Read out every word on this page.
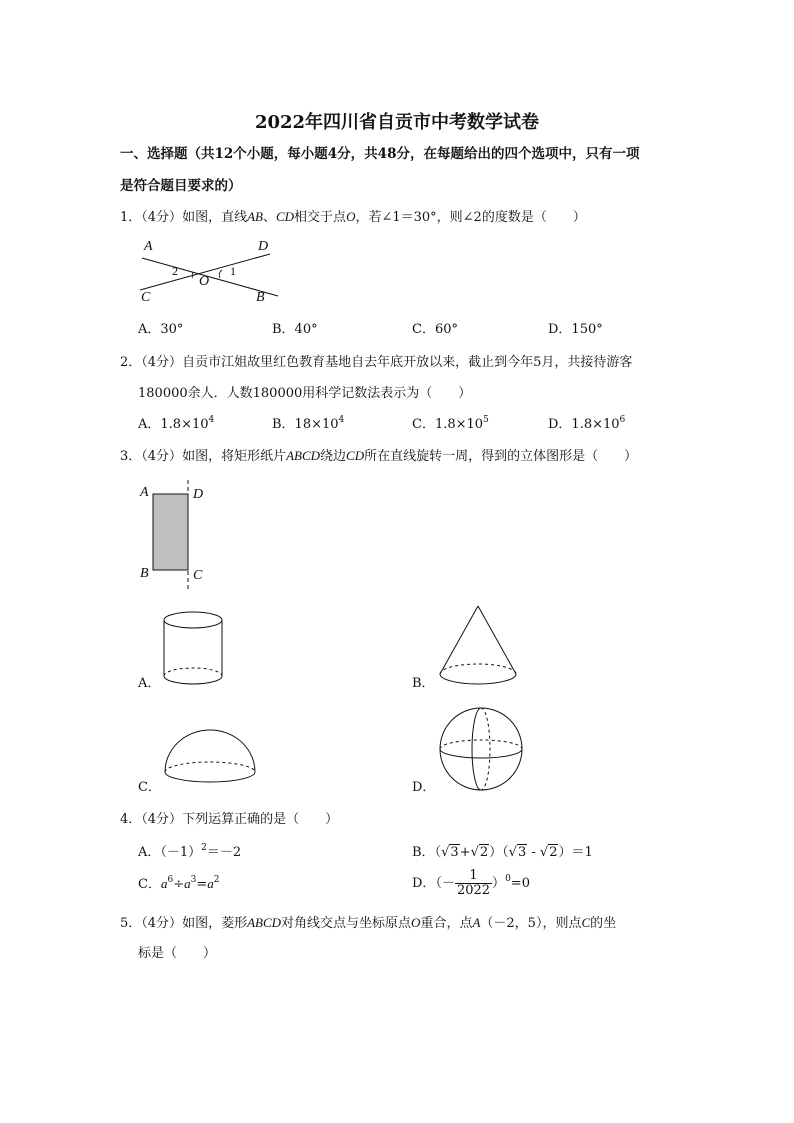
2022年四川省自贡市中考数学试卷
一、选择题（共12个小题，每小题4分，共48分，在每题给出的四个选项中，只有一项
是符合题目要求的）
1．（4分）如图，直线AB、CD相交于点O，若∠1＝30°，则∠2的度数是（　　）
A	D
C	B
O
1
2
A．30°	B．40°	C．60°	D．150°
2．（4分）自贡市江姐故里红色教育基地自去年底开放以来，截止到今年5月，共接待游客
180000余人．人数180000用科学记数法表示为（　　）
A．$1.8\times 10^4$	B．$18\times 10^4$	C．$1.8\times 10^5$	D．$1.8\times 10^6$
3．（4分）如图，将矩形纸片ABCD绕边CD所在直线旋转一周，得到的立体图形是（　　）
A	D
B	C
A．	B．
C．	D．
4．（4分）下列运算正确的是（　　）
A．$(-1)^2=-2$	B．（√3+√2）（√3 - √2）＝1
C．$a^6\div a^3=a^2$	D．（－ $\frac{1}{2022} )^0=0$
5．（4分）如图，菱形ABCD对角线交点与坐标原点O重合，点A（－2，5），则点C的坐
标是（　　）
